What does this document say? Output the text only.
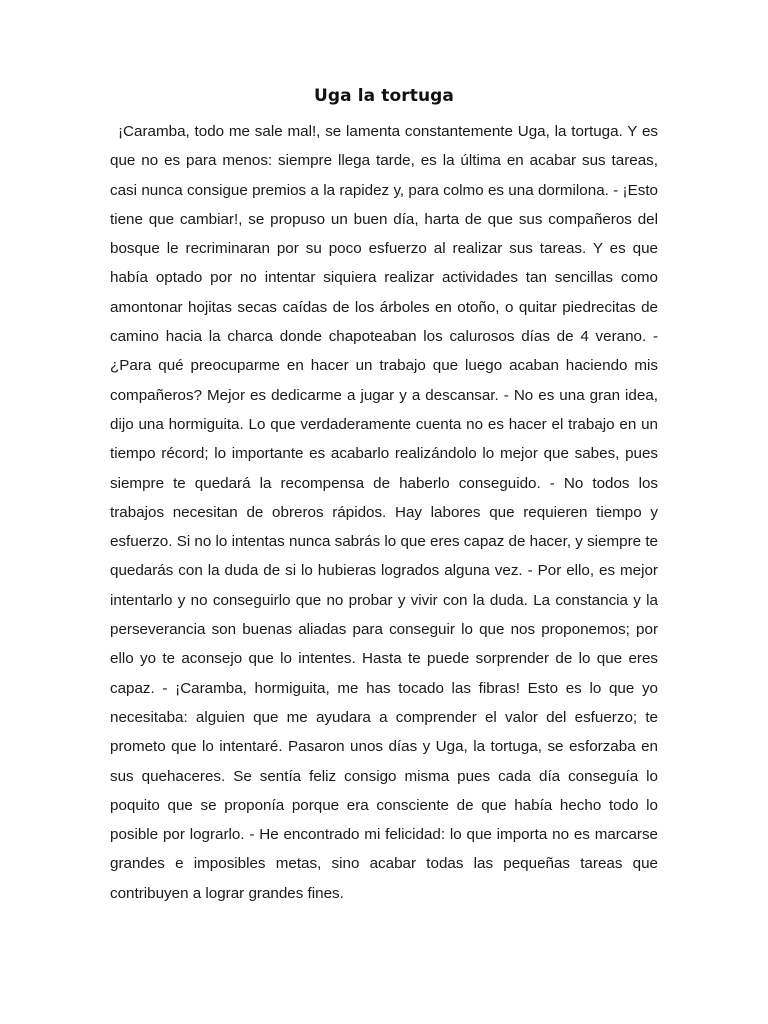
Uga la tortuga

¡Caramba, todo me sale mal!, se lamenta constantemente Uga, la tortuga. Y es que no es para menos: siempre llega tarde, es la última en acabar sus tareas, casi nunca consigue premios a la rapidez y, para colmo es una dormilona. - ¡Esto tiene que cambiar!, se propuso un buen día, harta de que sus compañeros del bosque le recriminaran por su poco esfuerzo al realizar sus tareas. Y es que había optado por no intentar siquiera realizar actividades tan sencillas como amontonar hojitas secas caídas de los árboles en otoño, o quitar piedrecitas de camino hacia la charca donde chapoteaban los calurosos días de 4 verano. - ¿Para qué preocuparme en hacer un trabajo que luego acaban haciendo mis compañeros? Mejor es dedicarme a jugar y a descansar. - No es una gran idea, dijo una hormiguita. Lo que verdaderamente cuenta no es hacer el trabajo en un tiempo récord; lo importante es acabarlo realizándolo lo mejor que sabes, pues siempre te quedará la recompensa de haberlo conseguido. - No todos los trabajos necesitan de obreros rápidos. Hay labores que requieren tiempo y esfuerzo. Si no lo intentas nunca sabrás lo que eres capaz de hacer, y siempre te quedarás con la duda de si lo hubieras logrados alguna vez. - Por ello, es mejor intentarlo y no conseguirlo que no probar y vivir con la duda. La constancia y la perseverancia son buenas aliadas para conseguir lo que nos proponemos; por ello yo te aconsejo que lo intentes. Hasta te puede sorprender de lo que eres capaz. - ¡Caramba, hormiguita, me has tocado las fibras! Esto es lo que yo necesitaba: alguien que me ayudara a comprender el valor del esfuerzo; te prometo que lo intentaré. Pasaron unos días y Uga, la tortuga, se esforzaba en sus quehaceres. Se sentía feliz consigo misma pues cada día conseguía lo poquito que se proponía porque era consciente de que había hecho todo lo posible por lograrlo. - He encontrado mi felicidad: lo que importa no es marcarse grandes e imposibles metas, sino acabar todas las pequeñas tareas que contribuyen a lograr grandes fines.
